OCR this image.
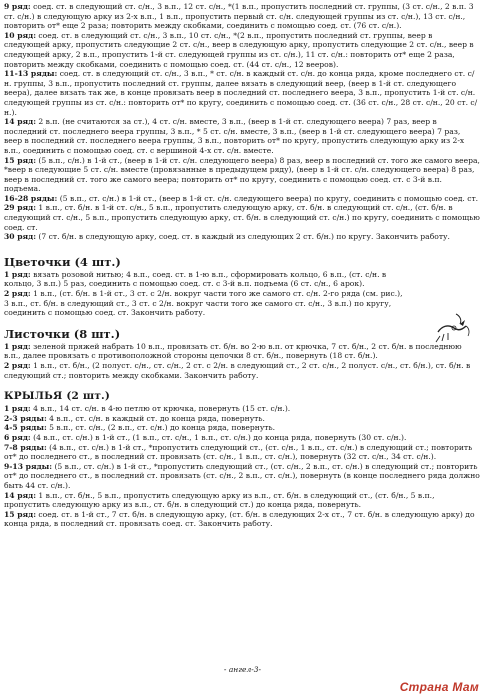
9 ряд: соед. ст. в следующий ст. с/н., 3 в.п., 12 ст. с/н., *(1 в.п., пропустить последний ст. группы, (3 ст. с/н., 2 в.п. 3 ст. с/н.) в следующую арку из 2-х в.п., 1 в.п., пропустить первый ст. с/н. следующей группы из ст. с/н.), 13 ст. с/н., повторить от* еще 2 раза; повторить между скобками, соединить с помощью соед. ст. (76 ст. с/н.).

10 ряд: соед. ст. в следующий ст. с/н., 3 в.п., 10 ст. с/н., *(2 в.п., пропустить последний ст. группы, веер в следующей арку, пропустить следующие 2 ст. с/н., веер в следующую арку, пропустить следующие 2 ст. с/н., веер в следующей арку, 2 в.п., пропустить 1-й ст. следующей группы из ст. с/н.), 11 ст. с/н.: повторить от* еще 2 раза, повторить между скобками, соединить с помощью соед. ст. (44 ст. с/н., 12 вееров).

11-13 ряды: соед. ст. в следующий ст. с/н., 3 в.п., * ст. с/н. в каждый ст. с/н. до конца ряда, кроме последнего ст. с/н. группы, 3 в.п., пропустить последний ст. группы, далее вязать в следующий веер, (веер в 1-й ст. следующего веера), далее вязать так же, в конце провязать веер в последний ст. последнего веера, 3 в.п., пропустить 1-й ст. с/н. следующей группы из ст. с/н.: повторить от* по кругу, соединить с помощью соед. ст. (36 ст. с/н., 28 ст. с/н., 20 ст. с/н.).

14 ряд: 2 в.п. (не считаются за ст.), 4 ст. с/н. вместе, 3 в.п., (веер в 1-й ст. следующего веера) 7 раз, веер в последний ст. последнего веера группы, 3 в.п., * 5 ст. с/н. вместе, 3 в.п., (веер в 1-й ст. следующего веера) 7 раз, веер в последний ст. последнего веера группы, 3 в.п., повторить от* по кругу, пропустить следующую арку из 2-х в.п., соединить с помощью соед. ст. с вершиной 4-х ст. с/н. вместе.

15 ряд: (5 в.п., с/н.) в 1-й ст., (веер в 1-й ст. с/н. следующего веера) 8 раз, веер в последний ст. того же самого веера, *веер в следующие 5 ст. с/н. вместе (провязанные в предыдущем ряду), (веер в 1-й ст. с/н. следующего веера) 8 раз, веер в последний ст. того же самого веера; повторить от* по кругу, соединить с помощью соед. ст. с 3-й в.п. подъема.

16-28 ряды: (5 в.п., ст. с/н.) в 1-й ст., (веер в 1-й ст. с/н. следующего веера) по кругу, соединить с помощью соед. ст.

29 ряд: 1 в.п., ст. б/н. в 1-й ст. с/н., 5 в.п., пропустить следующую арку, ст. б/н. в следующий ст. с/н., (ст. б/н. в следующий ст. с/н., 5 в.п., пропустить следующую арку, ст. б/н. в следующий ст. с/н.) по кругу, соединить с помощью соед. ст.

30 ряд: (7 ст. б/н. в следующую арку, соед. ст. в каждый из следующих 2 ст. б/н.) по кругу. Закончить работу.

Цветочки (4 шт.)

1 ряд: вязать розовой нитью; 4 в.п., соед. ст. в 1-ю в.п., сформировать кольцо, 6 в.п., (ст. с/н. в кольцо, 3 в.п.) 5 раз, соединить с помощью соед. ст. с 3-й в.п. подъема (6 ст. с/н., 6 арок).

2 ряд: 1 в.п., (ст. б/н. в 1-й ст., 3 ст. с 2/н. вокруг части того же самого ст. с/н. 2-го ряда (см. рис.), 3 в.п., ст. б/н. в следующий ст., 3 ст. с 2/н. вокруг части того же самого ст. с/н., 3 в.п.) по кругу, соединить с помощью соед. ст. Закончить работу.

Листочки (8 шт.)

1 ряд: зеленой пряжей набрать 10 в.п., провязать ст. б/н. во 2-ю в.п. от крючка, 7 ст. б/н., 2 ст. б/н. в последнюю в.п., далее провязать с противоположной стороны цепочки 8 ст. б/н., повернуть (18 ст. б/н.).

2 ряд: 1 в.п., ст. б/н., (2 полуст. с/н., ст. с/н., 2 ст. с 2/н. в следующий ст., 2 ст. с/н., 2 полуст. с/н., ст. б/н.), ст. б/н. в следующий ст.; повторить между скобками. Закончить работу.

КРЫЛЬЯ (2 шт.)

1 ряд: 4 в.п., 14 ст. с/н. в 4-ю петлю от крючка, повернуть (15 ст. с/н.).

2-3 ряды: 4 в.п., ст. с/н. в каждый ст. до конца ряда, повернуть.

4-5 ряды: 5 в.п., ст. с/н., (2 в.п., ст. с/н.) до конца ряда, повернуть.

6 ряд: (4 в.п., ст. с/н.) в 1-й ст., (1 в.п., ст. с/н., 1 в.п., ст. с/н.) до конца ряда, повернуть (30 ст. с/н.).

7-8 ряды: (4 в.п., ст. с/н.) в 1-й ст., *пропустить следующий ст., (ст. с/н., 1 в.п., ст. с/н.) в следующий ст.; повторить от* до последнего ст., в последний ст. провязать (ст. с/н., 1 в.п., ст. с/н.), повернуть (32 ст. с/н., 34 ст. с/н.).

9-13 ряды: (5 в.п., ст. с/н.) в 1-й ст., *пропустить следующий ст., (ст. с/н., 2 в.п., ст. с/н.) в следующий ст.; повторить от* до последнего ст., в последний ст. провязать (ст. с/н., 2 в.п., ст. с/н.), повернуть (в конце последнего ряда должно быть 44 ст. с/н.).

14 ряд: 1 в.п., ст. б/н., 5 в.п., пропустить следующую арку из в.п., ст. б/н. в следующий ст., (ст. б/н., 5 в.п., пропустить следующую арку из в.п., ст. б/н. в следующий ст.) до конца ряда, повернуть.

15 ряд: соед. ст. в 1-й ст., 7 ст. б/н. в следующую арку, (ст. б/н. в следующих 2-х ст., 7 ст. б/н. в следующую арку) до конца ряда, в последний ст. провязать соед. ст. Закончить работу.

- ангел-3-
Страна Мам
